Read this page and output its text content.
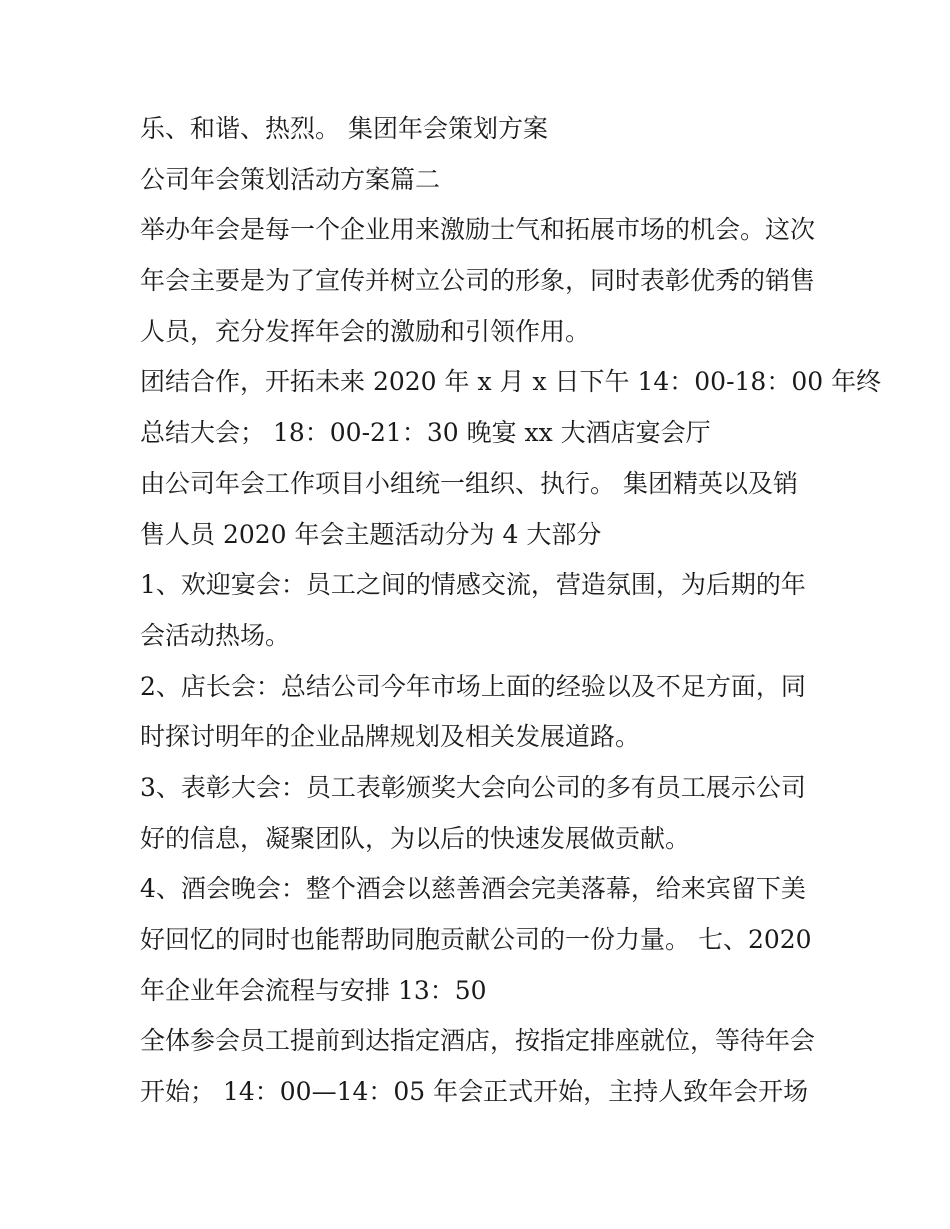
乐、和谐、热烈。 集团年会策划方案
公司年会策划活动方案篇二
举办年会是每一个企业用来激励士气和拓展市场的机会。这次
年会主要是为了宣传并树立公司的形象，同时表彰优秀的销售
人员，充分发挥年会的激励和引领作用。
团结合作，开拓未来 2020 年 x 月 x 日下午 14：00-18：00 年终
总结大会； 18：00-21：30 晚宴 xx 大酒店宴会厅
由公司年会工作项目小组统一组织、执行。 集团精英以及销
售人员 2020 年会主题活动分为 4 大部分
1、欢迎宴会：员工之间的情感交流，营造氛围，为后期的年
会活动热场。
2、店长会：总结公司今年市场上面的经验以及不足方面，同
时探讨明年的企业品牌规划及相关发展道路。
3、表彰大会：员工表彰颁奖大会向公司的多有员工展示公司
好的信息，凝聚团队，为以后的快速发展做贡献。
4、酒会晚会：整个酒会以慈善酒会完美落幕，给来宾留下美
好回忆的同时也能帮助同胞贡献公司的一份力量。 七、2020
年企业年会流程与安排 13：50
全体参会员工提前到达指定酒店，按指定排座就位，等待年会
开始； 14：00—14：05 年会正式开始，主持人致年会开场
